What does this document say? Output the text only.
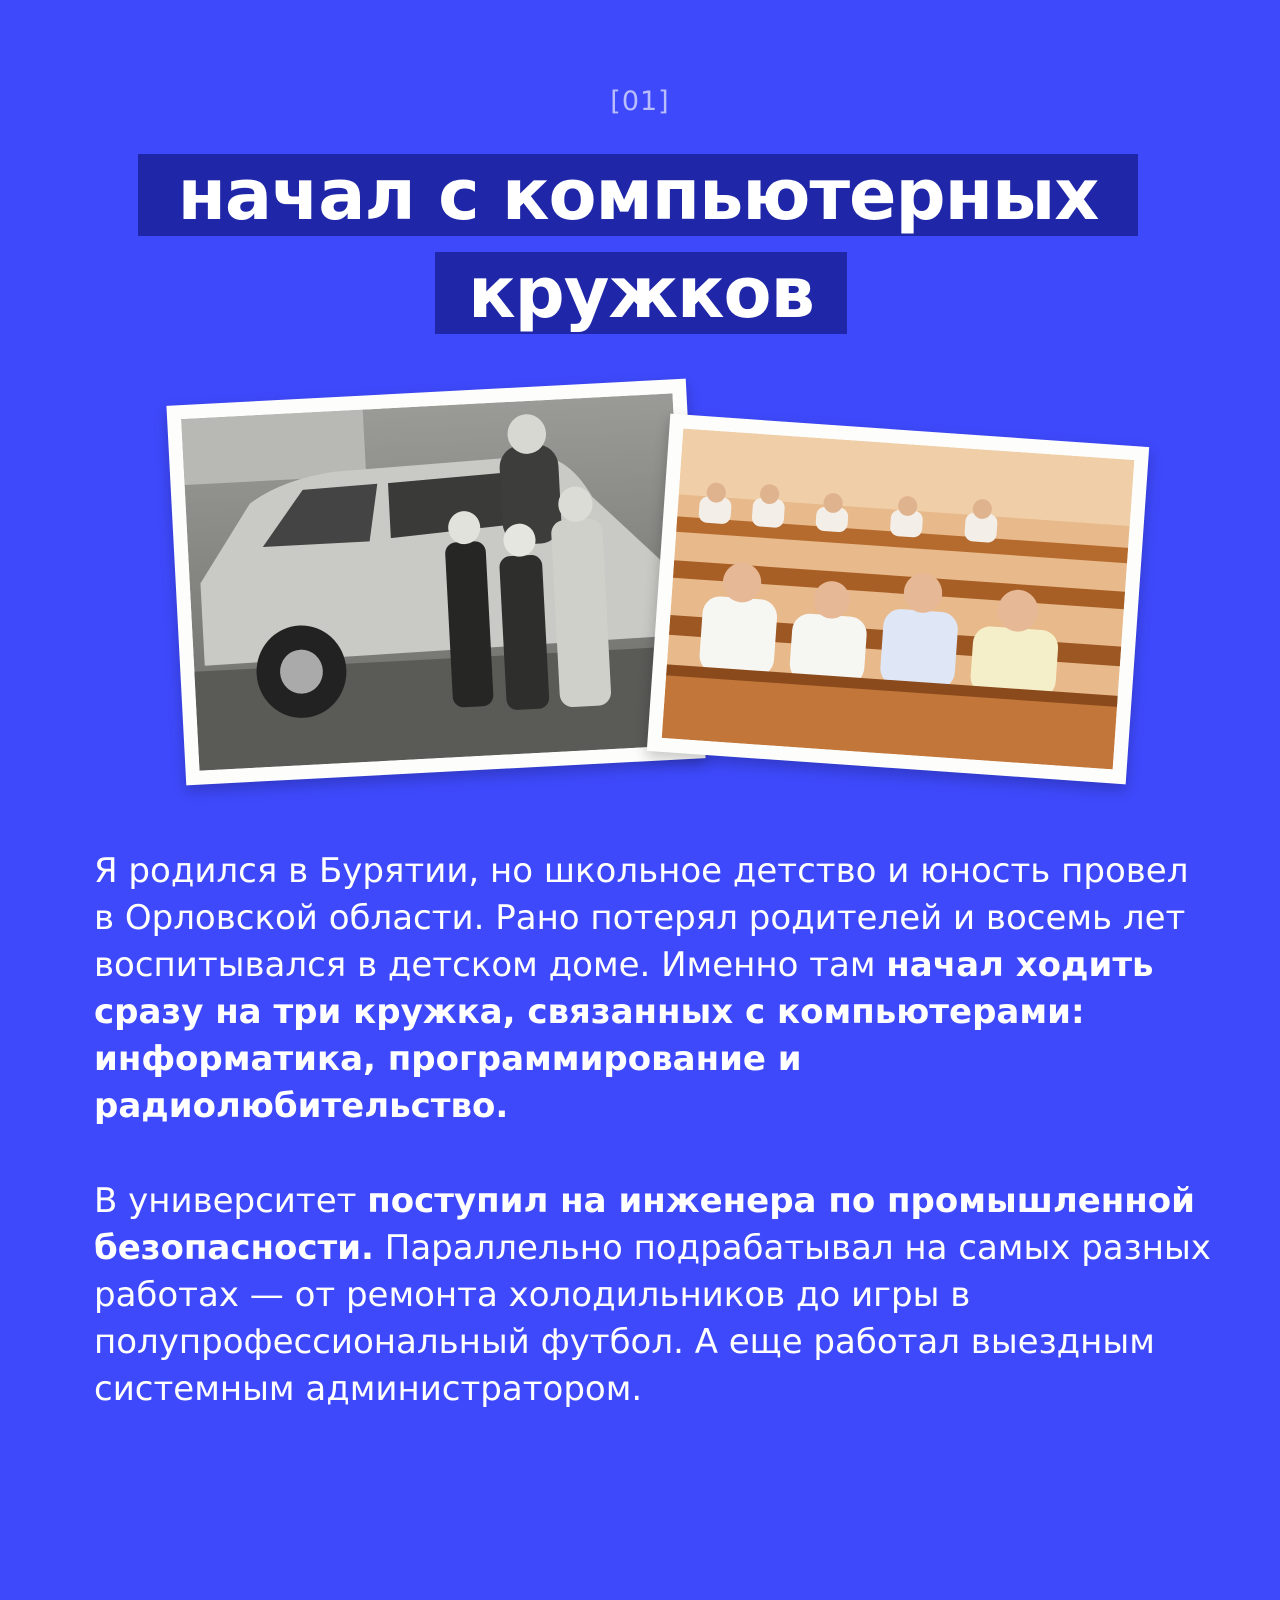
[01]
начал с компьютерных
кружков
Я родился в Бурятии, но школьное детство и юность провел в Орловской области. Рано потерял родителей и восемь лет воспитывался в детском доме. Именно там начал ходить сразу на три кружка, связанных с компьютерами: информатика, программирование и радиолюбительство.
В университет поступил на инженера по промышленной безопасности. Параллельно подрабатывал на самых разных работах — от ремонта холодильников до игры в полупрофессиональный футбол. А еще работал выездным системным администратором.
